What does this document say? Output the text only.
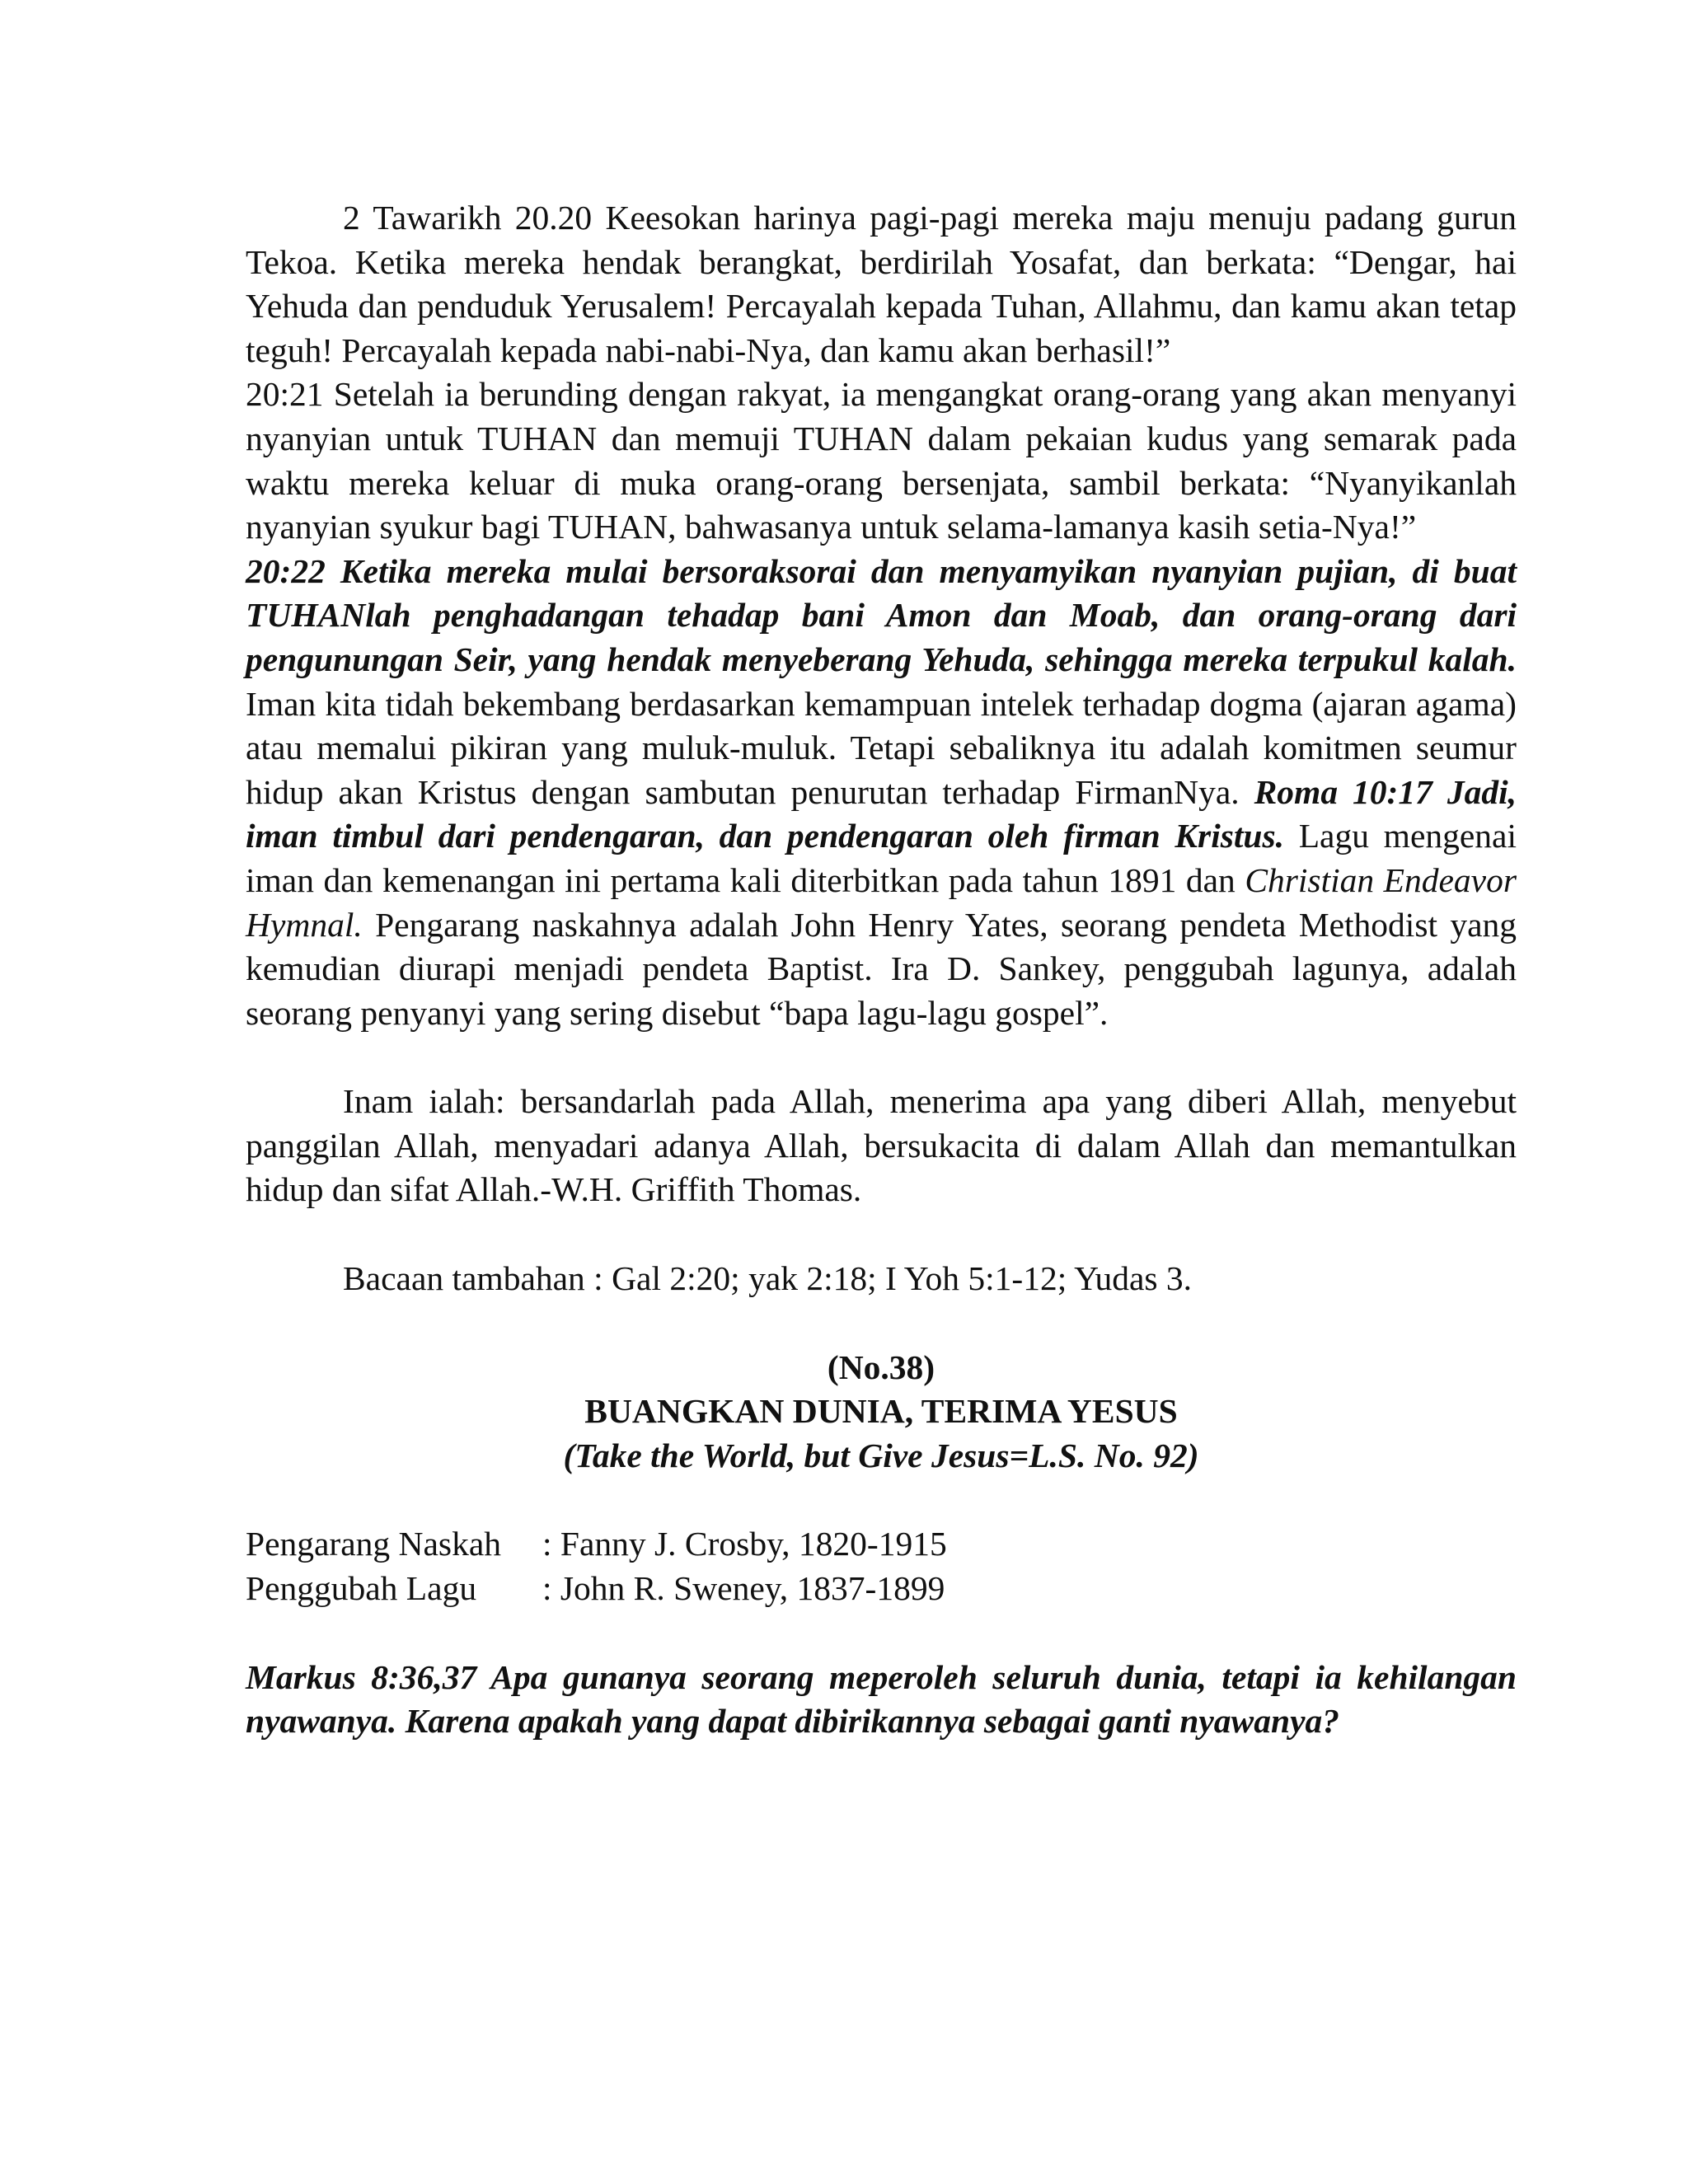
2 Tawarikh 20.20 Keesokan harinya pagi-pagi mereka maju menuju padang gurun Tekoa. Ketika mereka hendak berangkat, berdirilah Yosafat, dan berkata: “Dengar, hai Yehuda dan penduduk Yerusalem! Percayalah kepada Tuhan, Allahmu, dan kamu akan tetap teguh! Percayalah kepada nabi-nabi-Nya, dan kamu akan berhasil!”

20:21 Setelah ia berunding dengan rakyat, ia mengangkat orang-orang yang akan menyanyi nyanyian untuk TUHAN dan memuji TUHAN dalam pekaian kudus yang semarak pada waktu mereka keluar di muka orang-orang bersenjata, sambil berkata: “Nyanyikanlah nyanyian syukur bagi TUHAN, bahwasanya untuk selama-lamanya kasih setia-Nya!”

20:22 Ketika mereka mulai bersoraksorai dan menyamyikan nyanyian pujian, di buat TUHANlah penghadangan tehadap bani Amon dan Moab, dan orang-orang dari pengunungan Seir, yang hendak menyeberang Yehuda, sehingga mereka terpukul kalah. Iman kita tidah bekembang berdasarkan kemampuan intelek terhadap dogma (ajaran agama) atau memalui pikiran yang muluk-muluk. Tetapi sebaliknya itu adalah komitmen seumur hidup akan Kristus dengan sambutan penurutan terhadap FirmanNya. Roma 10:17 Jadi, iman timbul dari pendengaran, dan pendengaran oleh firman Kristus. Lagu mengenai iman dan kemenangan ini pertama kali diterbitkan pada tahun 1891 dan Christian Endeavor Hymnal. Pengarang naskahnya adalah John Henry Yates, seorang pendeta Methodist yang kemudian diurapi menjadi pendeta Baptist. Ira D. Sankey, penggubah lagunya, adalah seorang penyanyi yang sering disebut “bapa lagu-lagu gospel”.

Inam ialah: bersandarlah pada Allah, menerima apa yang diberi Allah, menyebut panggilan Allah, menyadari adanya Allah, bersukacita di dalam Allah dan memantulkan hidup dan sifat Allah.-W.H. Griffith Thomas.

Bacaan tambahan : Gal 2:20; yak 2:18; I Yoh 5:1-12; Yudas 3.

(No.38)
BUANGKAN DUNIA, TERIMA YESUS
(Take the World, but Give Jesus=L.S. No. 92)
Pengarang Naskah	: Fanny J. Crosby, 1820-1915
Penggubah Lagu	: John R. Sweney, 1837-1899

Markus 8:36,37 Apa gunanya seorang meperoleh seluruh dunia, tetapi ia kehilangan nyawanya. Karena apakah yang dapat dibirikannya sebagai ganti nyawanya?
